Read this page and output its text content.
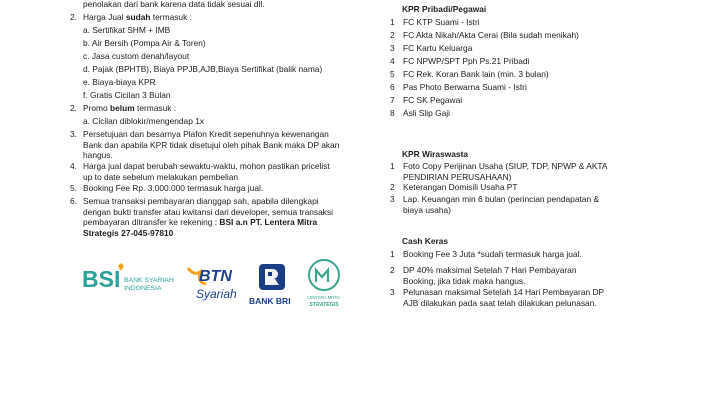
penolakan dari bank karena data tidak sesuai dll.
2. Harga Jual sudah termasuk :
a. Sertifikat SHM + IMB
b. Air Bersih (Pompa Air & Toren)
c. Jasa custom denah/layout
d. Pajak (BPHTB), Biaya PPJB,AJB,Biaya Sertifikat (balik nama)
e. Biaya-biaya KPR
f. Gratis Cicilan 3 Bulan
2. Promo belum termasuk :
a. Cicilan diblokir/mengendap 1x
3. Persetujuan dan besarnya Plafon Kredit sepenuhnya kewenangan
Bank dan apabila KPR tidak disetujui oleh pihak Bank maka DP akan
hangus.
4. Harga jual dapat berubah sewaktu-waktu, mohon pastikan pricelist
up to date sebelum melakukan pembelian
5. Booking Fee Rp. 3.000.000 termasuk harga jual.
6. Semua transaksi pembayaran dianggap sah, apabila dilengkapi
dengan bukti transfer atau kwitansi dari developer, semua transaksi
pembayaran ditransfer ke rekening : BSI a.n PT. Lentera Mitra
Strategis 27-045-97810
BSI BANK SYARIAH
INDONESIA
BTN
Syariah BANK BRI	LENTERA MITRA
STRATEGIS
KPR Pribadi/Pegawai
1 FC KTP Suami - Istri
2 FC Akta Nikah/Akta Cerai (Bila sudah menikah)
3 FC Kartu Keluarga
4 FC NPWP/SPT Pph Ps.21 Pribadi
5 FC Rek. Koran Bank lain (min. 3 bulan)
6 Pas Photo Berwarna Suami - Istri
7 FC SK Pegawai
8 Asli Slip Gaji
KPR Wiraswasta
1 Foto Copy Perijinan Usaha (SIUP, TDP, NPWP & AKTA
PENDIRIAN PERUSAHAAN)
2 Keterangan Domisili Usaha PT
3 Lap. Keuangan min 6 bulan (perincian pendapatan &
biaya usaha)
Cash Keras
1 Booking Fee 3 Juta *sudah termasuk harga jual.
2 DP 40% maksimal Setelah 7 Hari Pembayaran
Booking, jika tidak maka hangus.
3 Pelunasan maksimal Setelah 14 Hari Pembayaran DP
AJB dilakukan pada saat telah dilakukan pelunasan.
